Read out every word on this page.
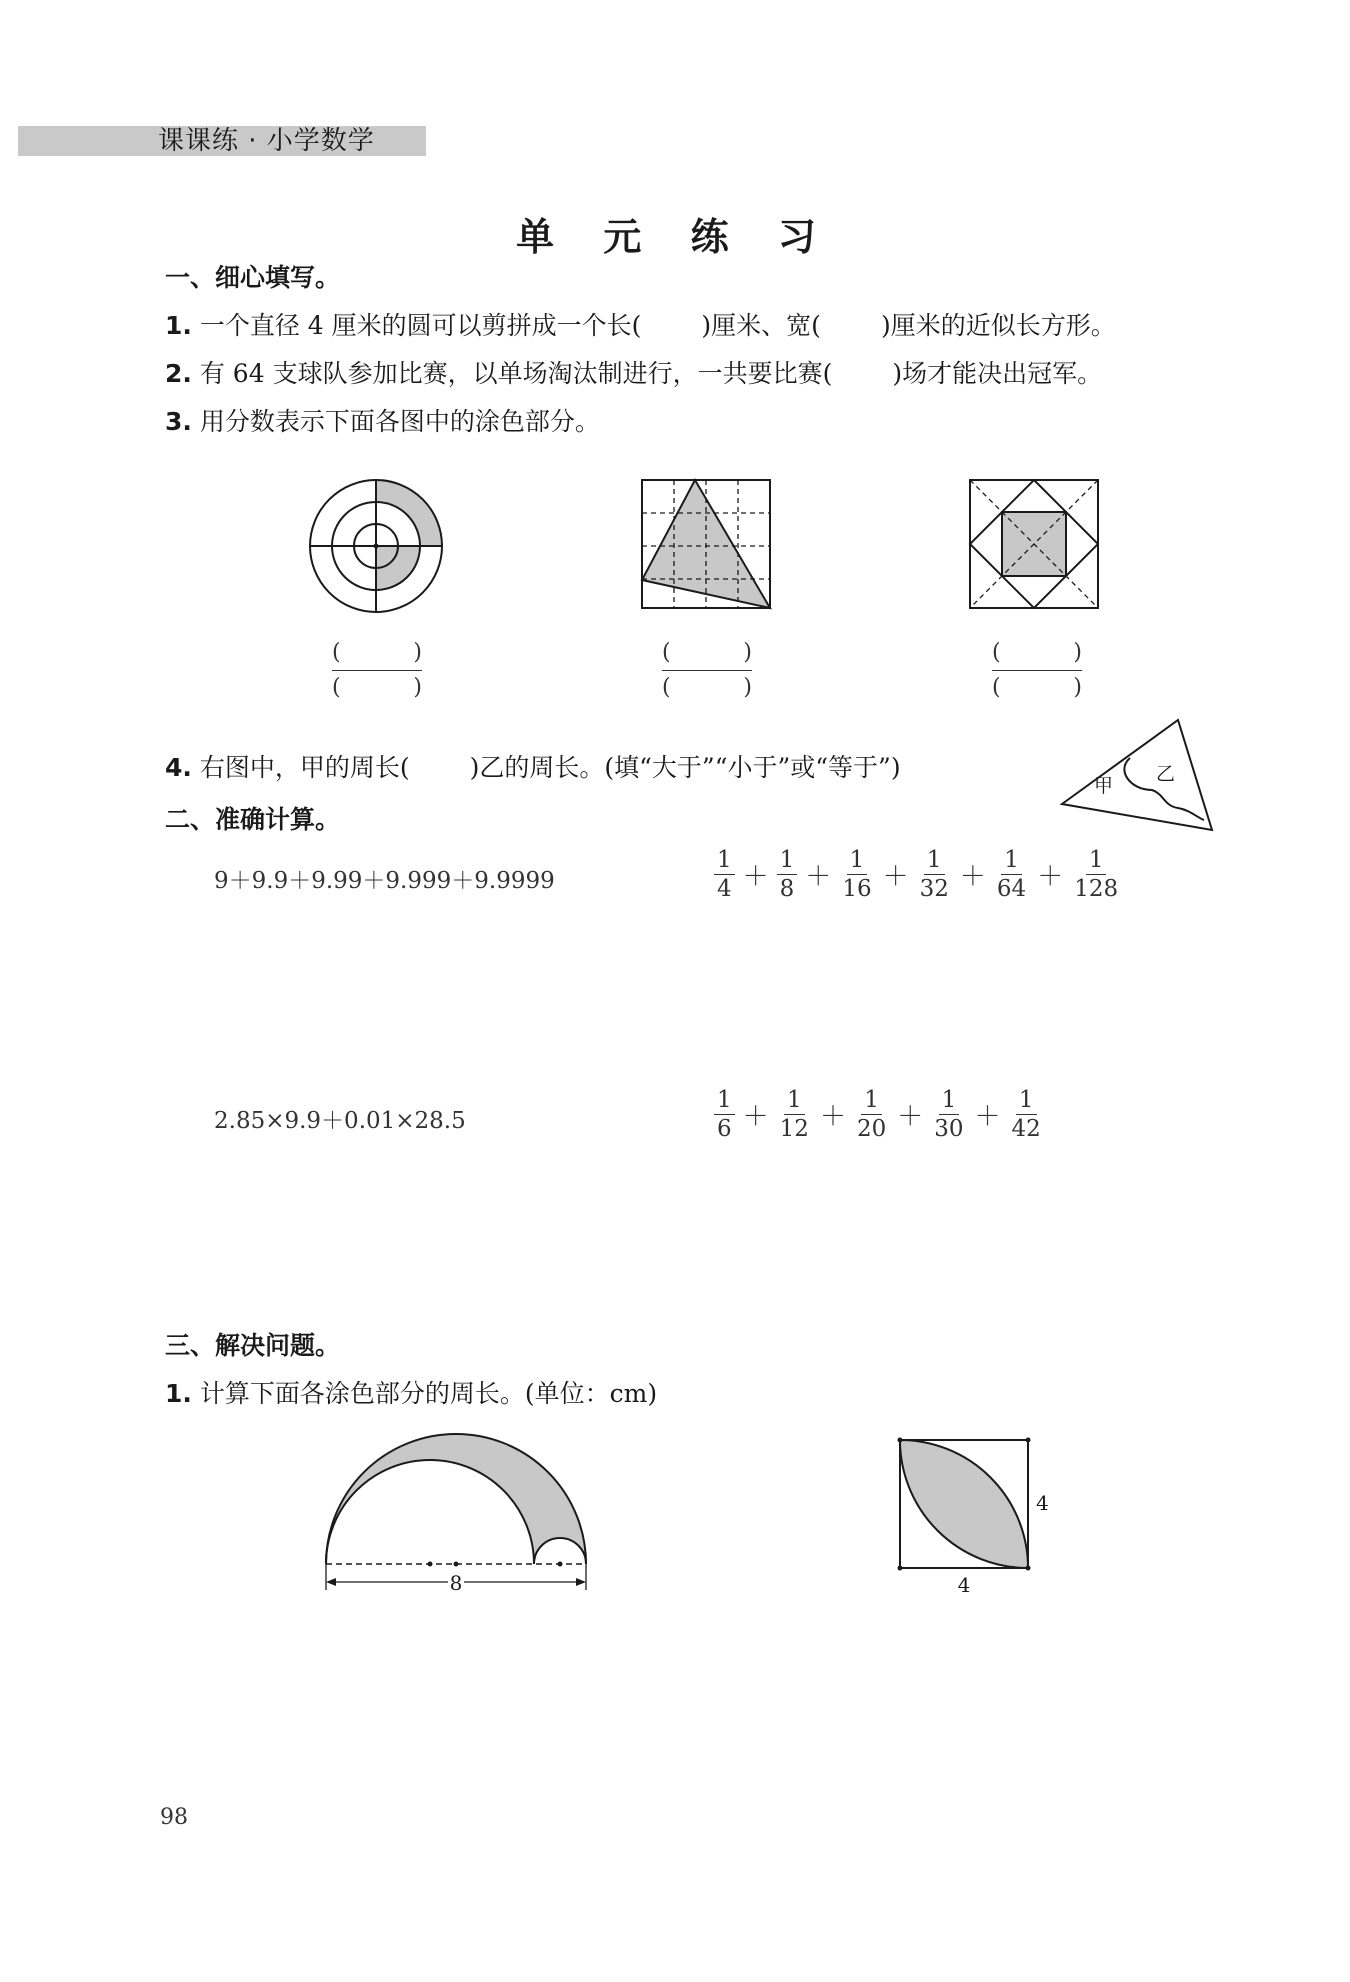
课课练 · 小学数学
单 元 练 习
一、细心填写。
1. 一个直径 4 厘米的圆可以剪拼成一个长( )厘米、宽( )厘米的近似长方形。
2. 有 64 支球队参加比赛，以单场淘汰制进行，一共要比赛( )场才能决出冠军。
3. 用分数表示下面各图中的涂色部分。
(	)
(	)
(	)
(	)
(	)
(	)
4. 右图中，甲的周长( )乙的周长。(填“大于”“小于”或“等于”)
甲
乙
二、准确计算。
9＋9.9＋9.99＋9.999＋9.9999	$\frac{1}{4} + \frac{1}{8} + \frac{1}{16} + \frac{1}{32} + \frac{1}{64} + \frac{1}{128}$
2.85×9.9＋0.01×28.5	$\frac{1}{6} + \frac{1}{12} + \frac{1}{20} + \frac{1}{30} + \frac{1}{42}$
三、解决问题。
1. 计算下面各涂色部分的周长。(单位：cm)
8
4
4
98
